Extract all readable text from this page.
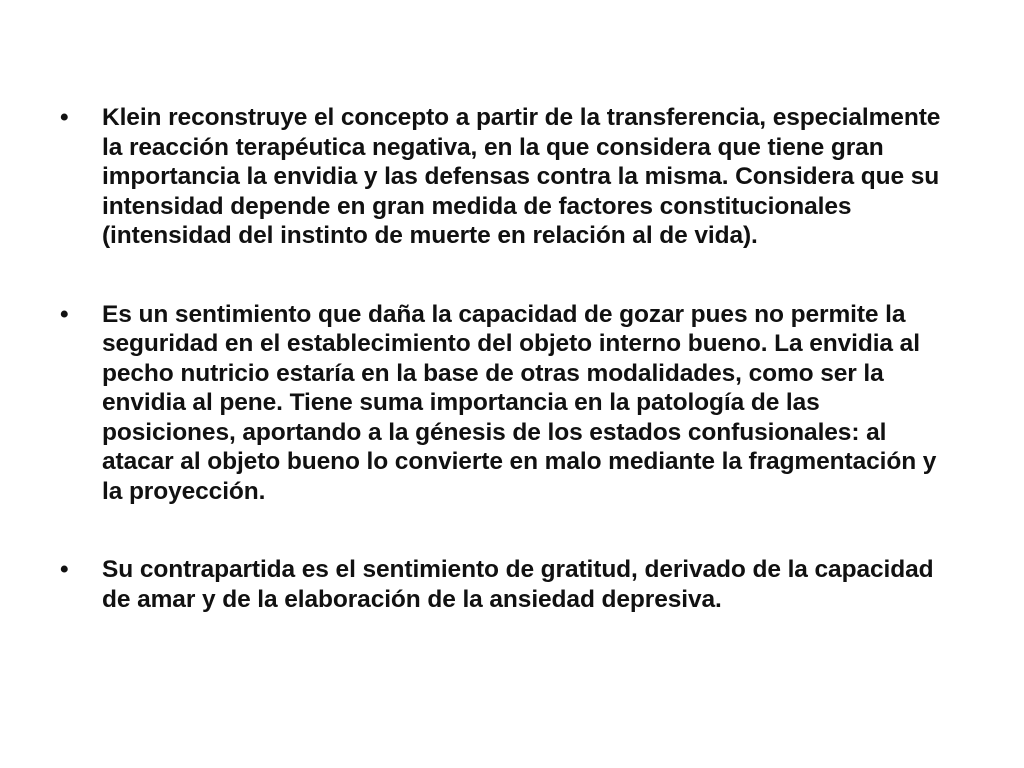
•	Klein reconstruye el concepto a partir de la transferencia, especialmente la reacción terapéutica negativa, en la que considera que tiene gran importancia la envidia y las defensas contra la misma. Considera que su intensidad depende en gran medida de factores constitucionales (intensidad del instinto de muerte en relación al de vida).
•	Es un sentimiento que daña la capacidad de gozar pues no permite la seguridad en el establecimiento del objeto interno bueno. La envidia al pecho nutricio estaría en la base de otras modalidades, como ser la envidia al pene. Tiene suma importancia en la patología de las posiciones, aportando a la génesis de los estados confusionales: al atacar al objeto bueno lo convierte en malo mediante la fragmentación y la proyección.
•	Su contrapartida es el sentimiento de gratitud, derivado de la capacidad de amar y de la elaboración de la ansiedad depresiva.
